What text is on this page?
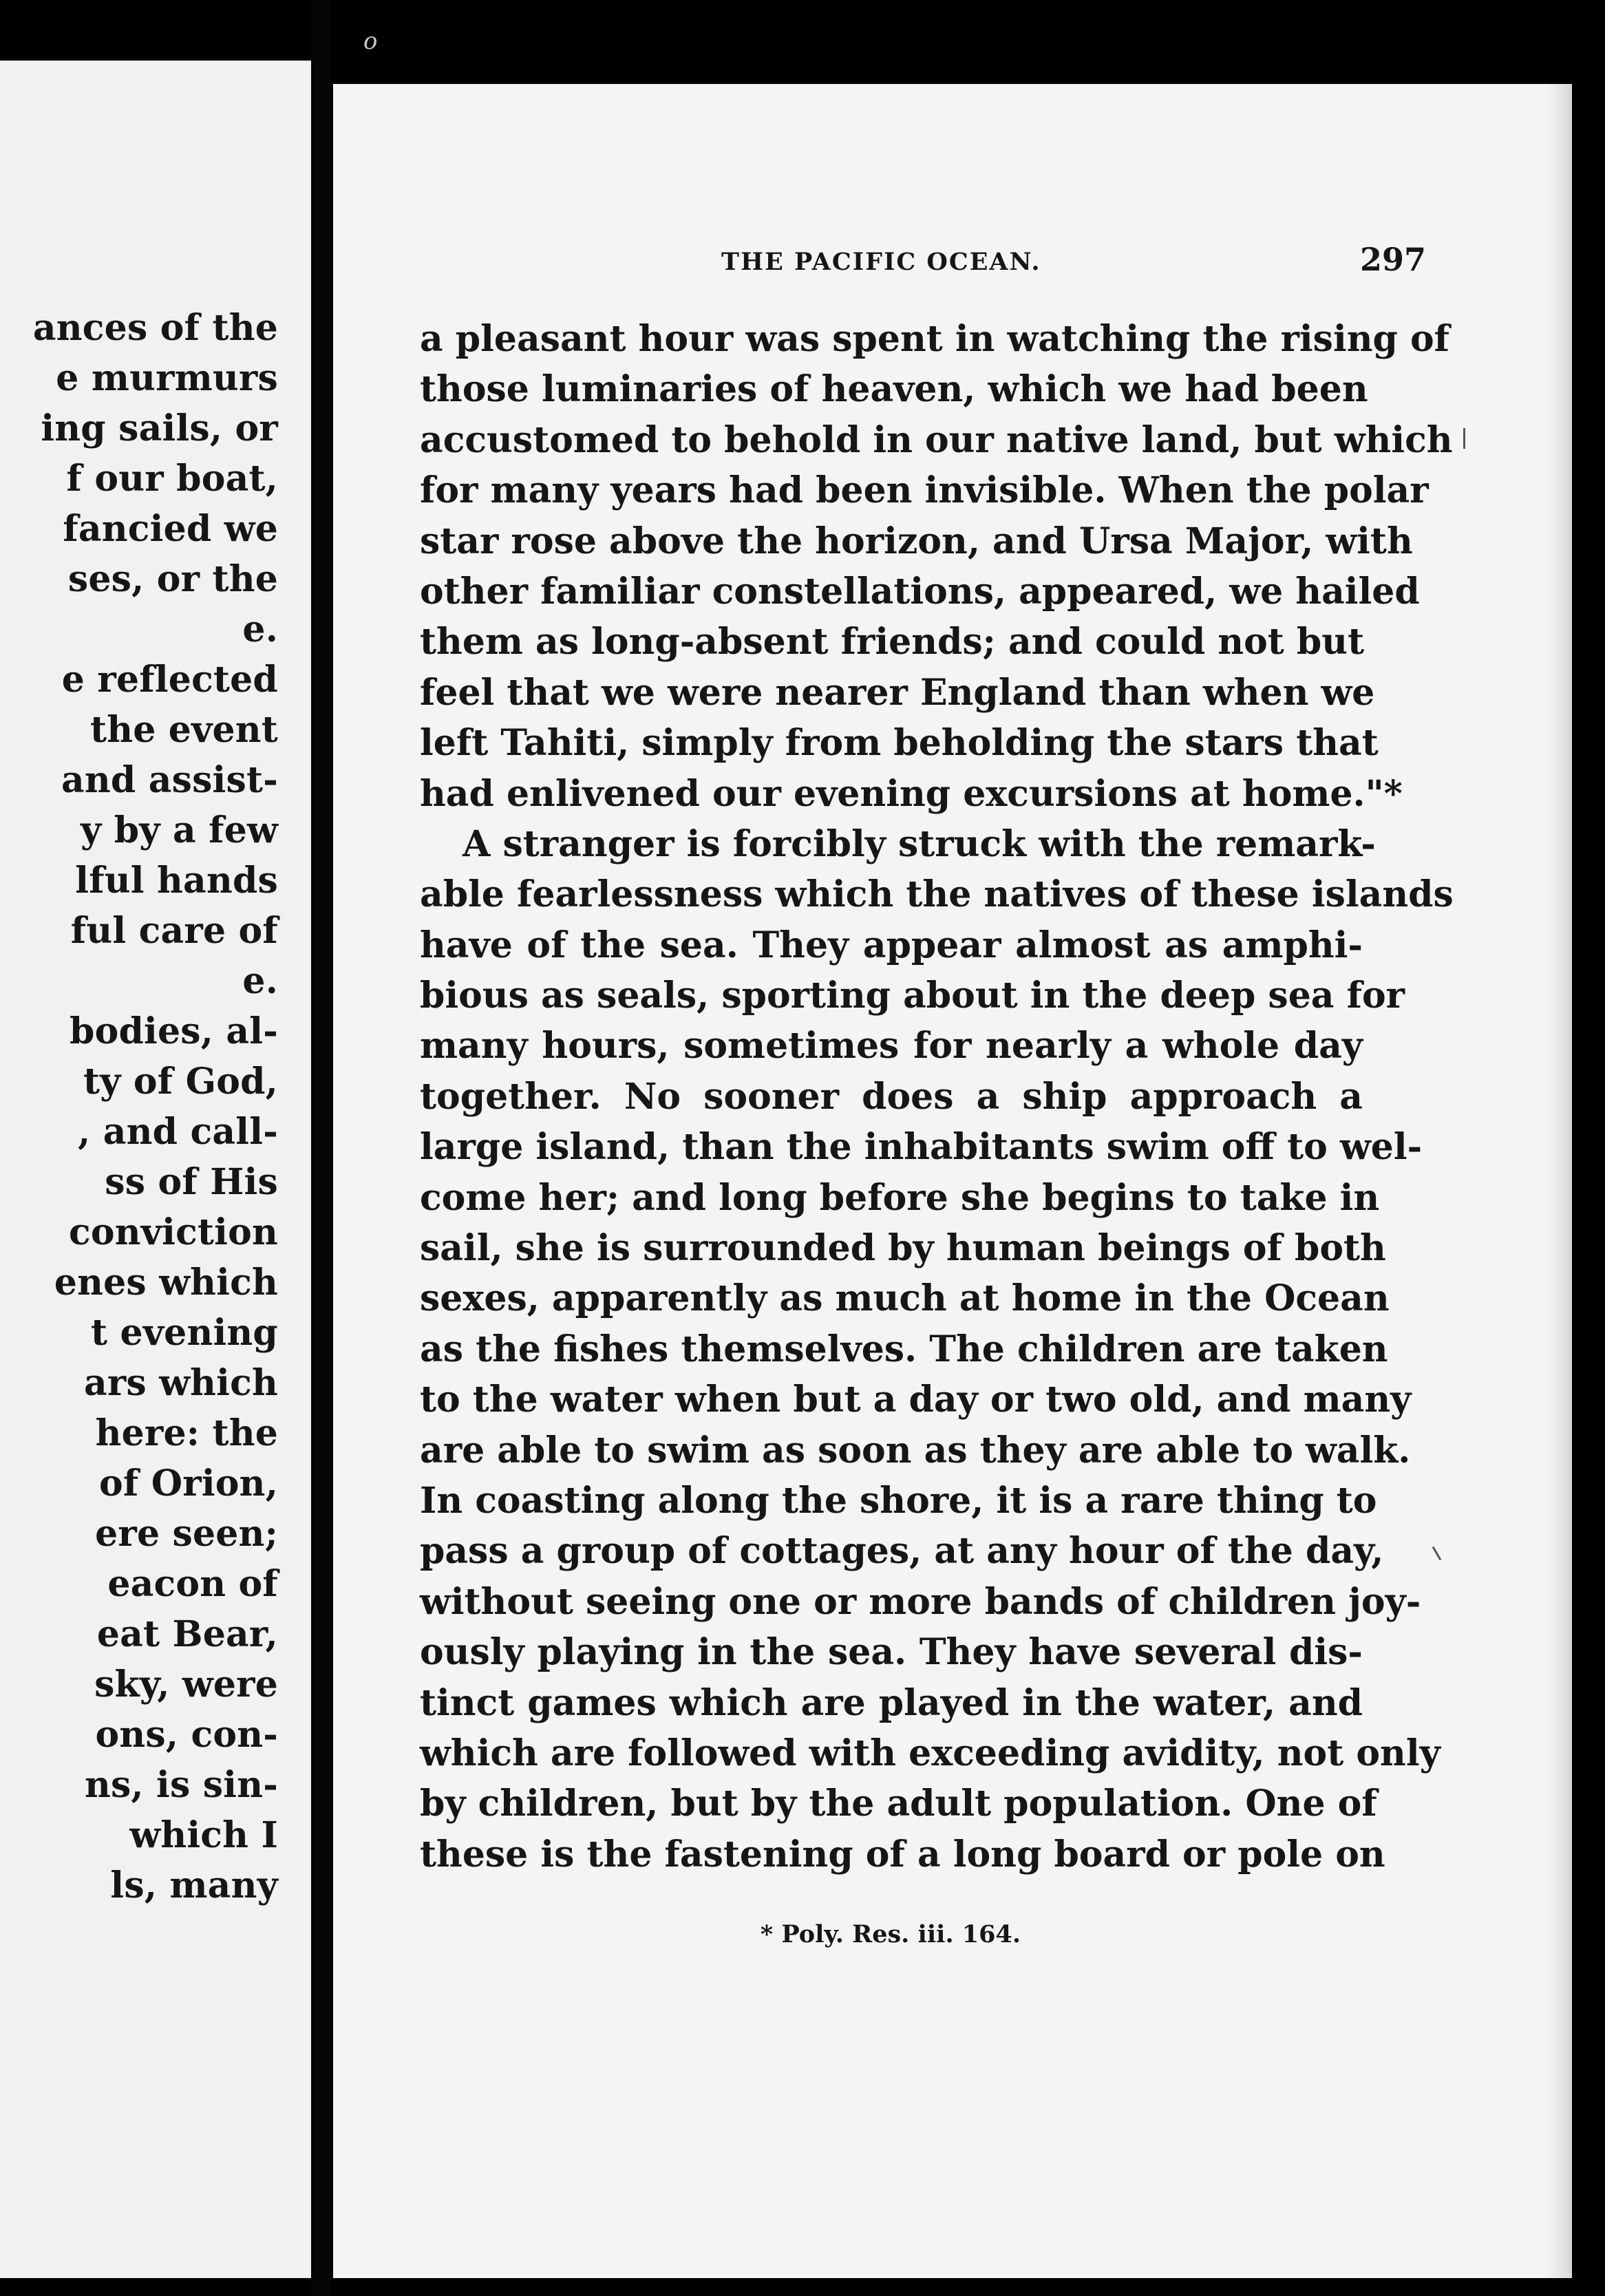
o
ances of the
e murmurs
ing sails, or
f our boat,
fancied we
ses, or the
e.
e reflected
the event
and assist-
y by a few
lful hands
ful care of
e.
bodies, al-
ty of God,
, and call-
ss of His
conviction
enes which
t evening
ars which
here: the
of Orion,
ere seen;
eacon of
eat Bear,
sky, were
ons, con-
ns, is sin-
which I
ls, many
THE PACIFIC OCEAN.	297
a pleasant hour was spent in watching the rising of
those luminaries of heaven, which we had been
accustomed to behold in our native land, but which
for many years had been invisible. When the polar
star rose above the horizon, and Ursa Major, with
other familiar constellations, appeared, we hailed
them as long-absent friends; and could not but
feel that we were nearer England than when we
left Tahiti, simply from beholding the stars that
had enlivened our evening excursions at home."*
A stranger is forcibly struck with the remark-
able fearlessness which the natives of these islands
have of the sea. They appear almost as amphi-
bious as seals, sporting about in the deep sea for
many hours, sometimes for nearly a whole day
together. No sooner does a ship approach a
large island, than the inhabitants swim off to wel-
come her; and long before she begins to take in
sail, she is surrounded by human beings of both
sexes, apparently as much at home in the Ocean
as the fishes themselves. The children are taken
to the water when but a day or two old, and many
are able to swim as soon as they are able to walk.
In coasting along the shore, it is a rare thing to
pass a group of cottages, at any hour of the day,
without seeing one or more bands of children joy-
ously playing in the sea. They have several dis-
tinct games which are played in the water, and
which are followed with exceeding avidity, not only
by children, but by the adult population. One of
these is the fastening of a long board or pole on
* Poly. Res. iii. 164.
